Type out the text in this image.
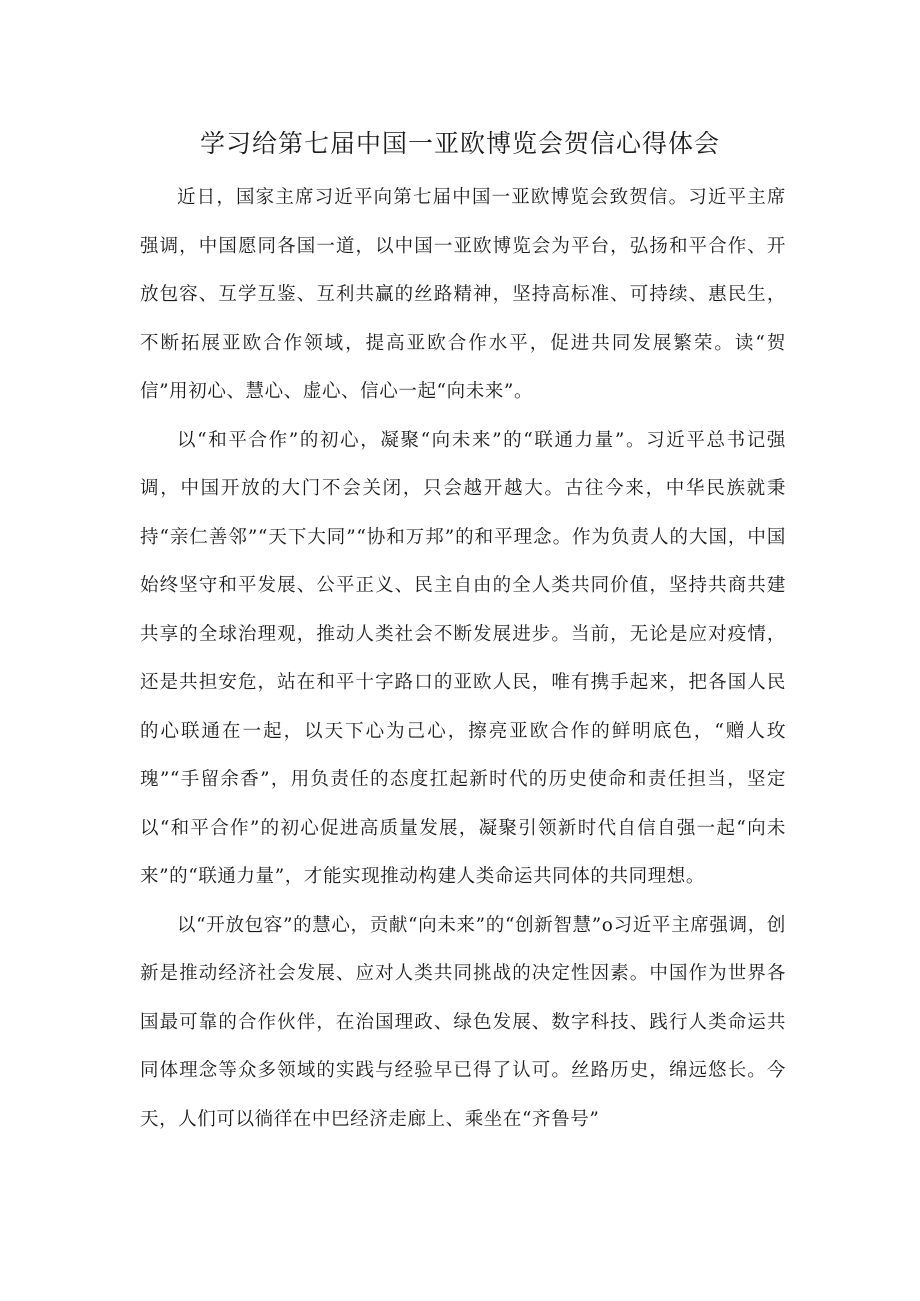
学习给第七届中国一亚欧博览会贺信心得体会

近日，国家主席习近平向第七届中国一亚欧博览会致贺信。习近平主席强调，中国愿同各国一道，以中国一亚欧博览会为平台，弘扬和平合作、开放包容、互学互鉴、互利共赢的丝路精神，坚持高标准、可持续、惠民生，不断拓展亚欧合作领域，提高亚欧合作水平，促进共同发展繁荣。读“贺信”用初心、慧心、虚心、信心一起“向未来”。

以“和平合作”的初心，凝聚“向未来”的“联通力量”。习近平总书记强调，中国开放的大门不会关闭，只会越开越大。古往今来，中华民族就秉持“亲仁善邻”“天下大同”“协和万邦”的和平理念。作为负责人的大国，中国始终坚守和平发展、公平正义、民主自由的全人类共同价值，坚持共商共建共享的全球治理观，推动人类社会不断发展进步。当前，无论是应对疫情，还是共担安危，站在和平十字路口的亚欧人民，唯有携手起来，把各国人民的心联通在一起，以天下心为己心，擦亮亚欧合作的鲜明底色，“赠人玫瑰”“手留余香”，用负责任的态度扛起新时代的历史使命和责任担当，坚定以“和平合作”的初心促进高质量发展，凝聚引领新时代自信自强一起“向未来”的“联通力量”，才能实现推动构建人类命运共同体的共同理想。

以“开放包容”的慧心，贡献“向未来”的“创新智慧”o习近平主席强调，创新是推动经济社会发展、应对人类共同挑战的决定性因素。中国作为世界各国最可靠的合作伙伴，在治国理政、绿色发展、数字科技、践行人类命运共同体理念等众多领域的实践与经验早已得了认可。丝路历史，绵远悠长。今天，人们可以徜徉在中巴经济走廊上、乘坐在“齐鲁号”
